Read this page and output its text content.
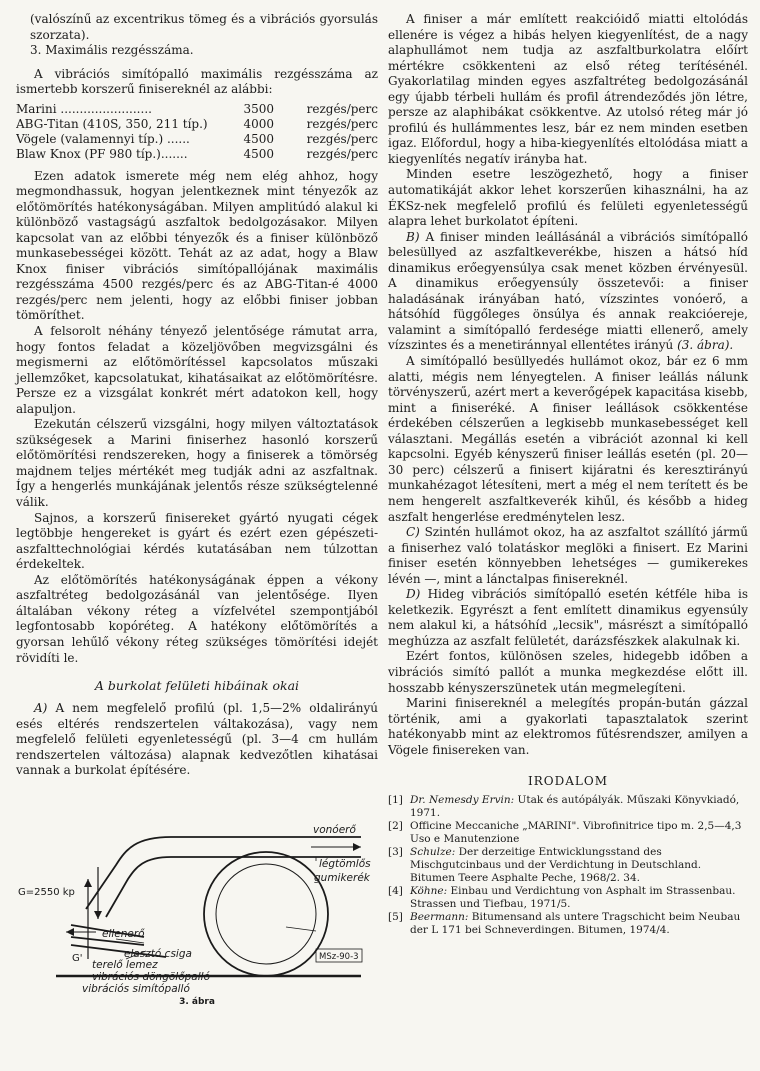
(valószínű az excentrikus tömeg és a vibrációs gyorsulás szorzata).

3. Maximális rezgésszáma.

A vibrációs simítópalló maximális rezgésszáma az ismertebb korszerű finisereknél az alábbi:

Marini ........................	3500	rezgés/perc
ABG-Titan (410S, 350, 211 típ.)	4000	rezgés/perc
Vögele (valamennyi típ.) ......	4500	rezgés/perc
Blaw Knox (PF 980 típ.).......	4500	rezgés/perc

Ezen adatok ismerete még nem elég ahhoz, hogy megmondhassuk, hogyan jelentkeznek mint tényezők az előtömörítés hatékonyságában. Milyen amplitúdó alakul ki különböző vastagságú aszfaltok bedolgozásakor. Milyen kapcsolat van az előbbi tényezők és a finiser különböző munkasebességei között. Tehát az az adat, hogy a Blaw Knox finiser vibrációs simítópallójának maximális rezgésszáma 4500 rezgés/perc és az ABG-Titan-é 4000 rezgés/perc nem jelenti, hogy az előbbi finiser jobban tömöríthet.

A felsorolt néhány tényező jelentősége rámutat arra, hogy fontos feladat a közeljövőben megvizsgálni és megismerni az előtömörítéssel kapcsolatos műszaki jellemzőket, kapcsolatukat, kihatásaikat az előtömörítésre. Persze ez a vizsgálat konkrét mért adatokon kell, hogy alapuljon.

Ezekután célszerű vizsgálni, hogy milyen változtatások szükségesek a Marini finiserhez hasonló korszerű előtömörítési rendszereken, hogy a finiserek a tömörség majdnem teljes mértékét meg tudják adni az aszfaltnak. Így a hengerlés munkájának jelentős része szükségtelenné válik.

Sajnos, a korszerű finisereket gyártó nyugati cégek legtöbbje hengereket is gyárt és ezért ezen gépészeti-aszfalttechnológiai kérdés kutatásában nem túlzottan érdekeltek.

Az előtömörítés hatékonyságának éppen a vékony aszfaltréteg bedolgozásánál van jelentősége. Ilyen általában vékony réteg a vízfelvétel szempontjából legfontosabb kopóréteg. A hatékony előtömörítés a gyorsan lehűlő vékony réteg szükséges tömörítési idejét rövidíti le.

A burkolat felületi hibáinak okai

A) A nem megfelelő profilú (pl. 1,5—2% oldalirányú esés eltérés rendszertelen váltakozása), vagy nem megfelelő felületi egyenletességű (pl. 3—4 cm hullám rendszertelen változása) alapnak kedvezőtlen kihatásai vannak a burkolat építésére.

vonóerő
légtömlős
gumikerék
G=2550 kp
ellenerő
elasztó csiga
terelő lemez
vibrációs döngölőpalló
vibrációs simítópalló
G'	MSz-90-3
3. ábra

A finiser a már említett reakcióidő miatti eltolódás ellenére is végez a hibás helyen kiegyenlítést, de a nagy alaphullámot nem tudja az aszfaltburkolatra előírt mértékre csökkenteni az első réteg terítésénél. Gyakorlatilag minden egyes aszfaltréteg bedolgozásánál egy újabb térbeli hullám és profil átrendeződés jön létre, persze az alaphibákat csökkentve. Az utolsó réteg már jó profilú és hullámmentes lesz, bár ez nem minden esetben igaz. Előfordul, hogy a hiba-kiegyenlítés eltolódása miatt a kiegyenlítés negatív irányba hat.

Minden esetre leszögezhető, hogy a finiser automatikáját akkor lehet korszerűen kihasználni, ha az ÉKSz-nek megfelelő profilú és felületi egyenletességű alapra lehet burkolatot építeni.

B) A finiser minden leállásánál a vibrációs simítópalló belesüllyed az aszfaltkeverékbe, hiszen a hátsó híd dinamikus erőegyensúlya csak menet közben érvényesül. A dinamikus erőegyensúly összetevői: a finiser haladásának irányában ható, vízszintes vonóerő, a hátsóhíd függőleges önsúlya és annak reakcióereje, valamint a simítópalló ferdesége miatti ellenerő, amely vízszintes és a menetiránnyal ellentétes irányú (3. ábra).

A simítópalló besüllyedés hullámot okoz, bár ez 6 mm alatti, mégis nem lényegtelen. A finiser leállás nálunk törvényszerű, azért mert a keverőgépek kapacitása kisebb, mint a finiseréké. A finiser leállások csökkentése érdekében célszerűen a legkisebb munkasebességet kell választani. Megállás esetén a vibrációt azonnal ki kell kapcsolni. Egyéb kényszerű finiser leállás esetén (pl. 20—30 perc) célszerű a finisert kijáratni és keresztirányú munkahézagot létesíteni, mert a még el nem terített és be nem hengerelt aszfaltkeverék kihűl, és később a hideg aszfalt hengerlése eredménytelen lesz.

C) Szintén hullámot okoz, ha az aszfaltot szállító jármű a finiserhez való tolatáskor meglöki a finisert. Ez Marini finiser esetén könnyebben lehetséges — gumikerekes lévén —, mint a lánctalpas finisereknél.

D) Hideg vibrációs simítópalló esetén kétféle hiba is keletkezik. Egyrészt a fent említett dinamikus egyensúly nem alakul ki, a hátsóhíd „lecsik", másrészt a simítópalló meghúzza az aszfalt felületét, darázsfészkek alakulnak ki.

Ezért fontos, különösen szeles, hidegebb időben a vibrációs simító pallót a munka megkezdése előtt ill. hosszabb kényszerszünetek után megmelegíteni.

Marini finisereknél a melegítés propán-bután gázzal történik, ami a gyakorlati tapasztalatok szerint hatékonyabb mint az elektromos fűtésrendszer, amilyen a Vögele finisereken van.

IRODALOM

[1] Dr. Nemesdy Ervin: Utak és autópályák. Műszaki Könyvkiadó, 1971.

[2] Officine Meccaniche „MARINI". Vibrofinitrice tipo m. 2,5—4,3 Uso e Manutenzione

[3] Schulze: Der derzeitige Entwicklungsstand des Mischgutcinbaus und der Verdichtung in Deutschland. Bitumen Teere Asphalte Peche, 1968/2. 34.

[4] Köhne: Einbau und Verdichtung von Asphalt im Strassenbau. Strassen und Tiefbau, 1971/5.

[5] Beermann: Bitumensand als untere Tragschicht beim Neubau der L 171 bei Schneverdingen. Bitumen, 1974/4.
